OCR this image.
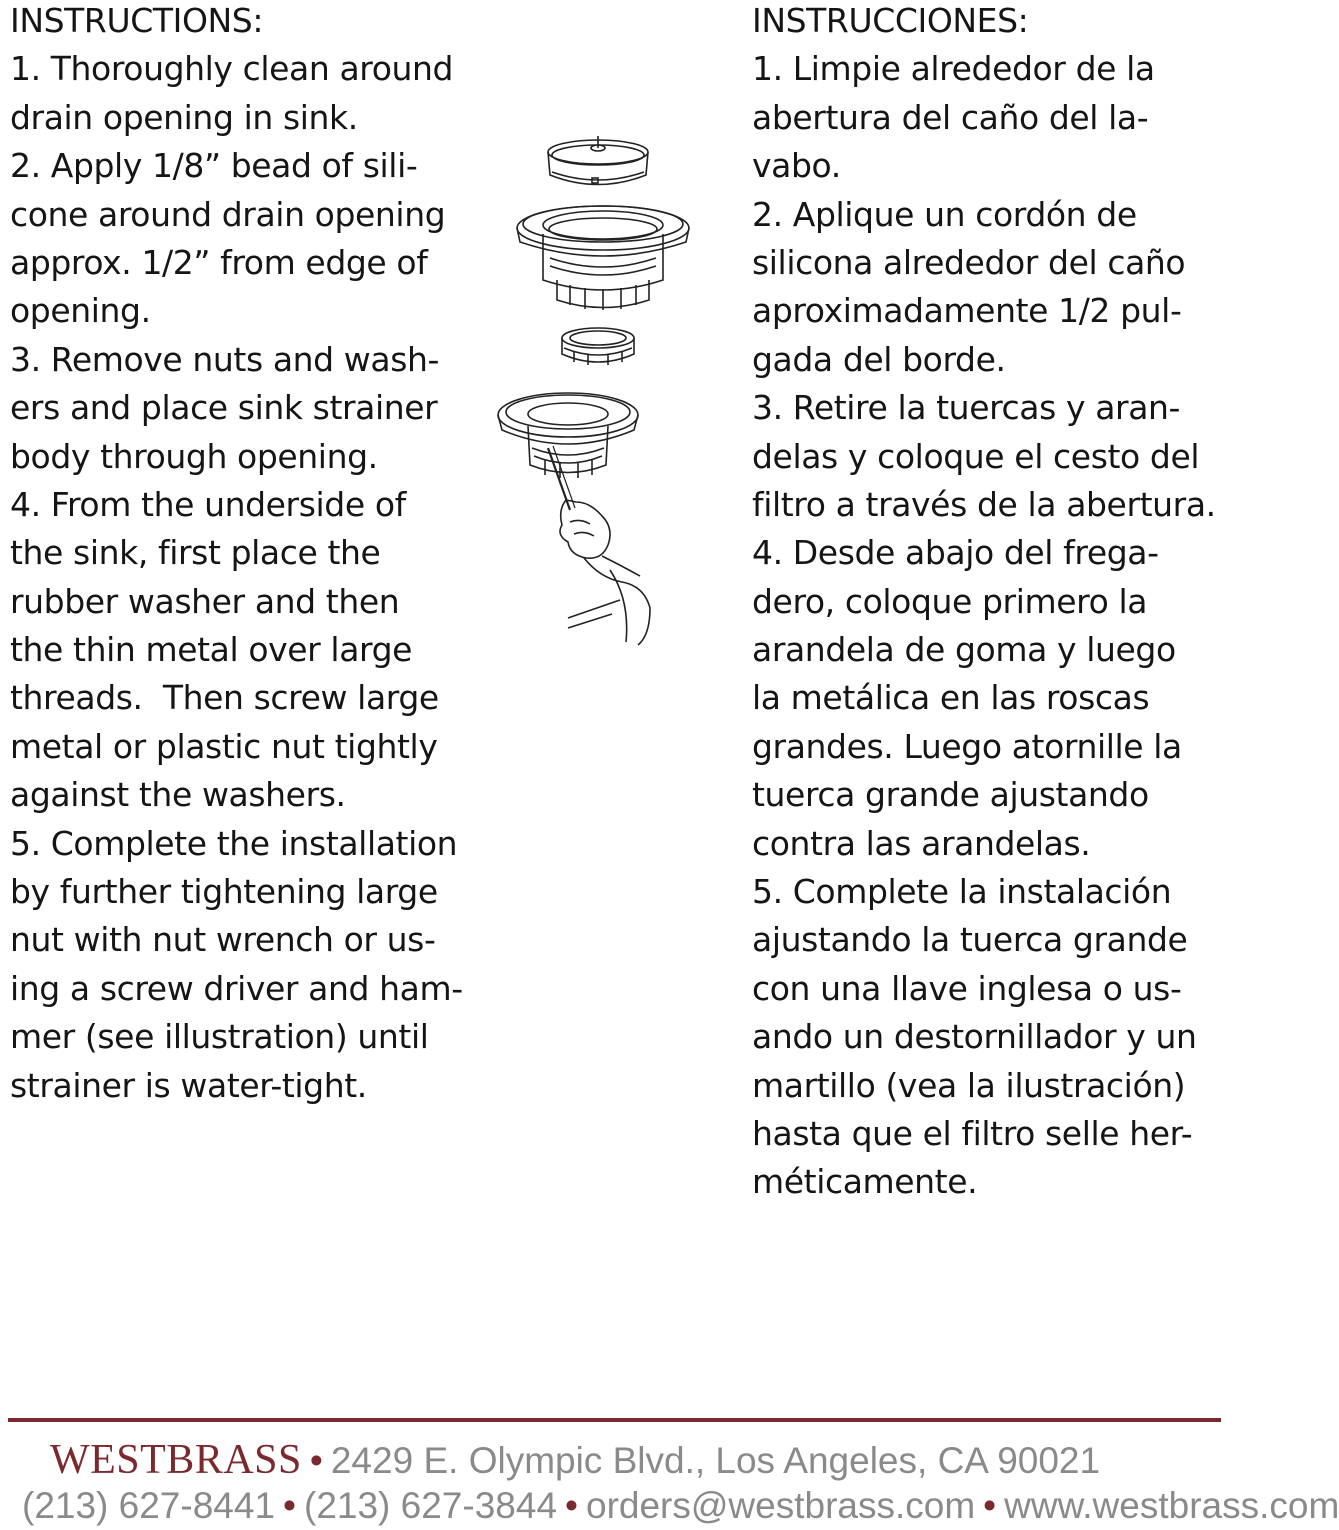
INSTRUCTIONS:
1. Thoroughly clean around
drain opening in sink.
2. Apply 1/8” bead of sili-
cone around drain opening
approx. 1/2” from edge of
opening.
3. Remove nuts and wash-
ers and place sink strainer
body through opening.
4. From the underside of
the sink, first place the
rubber washer and then
the thin metal over large
threads.  Then screw large
metal or plastic nut tightly
against the washers.
5. Complete the installation
by further tightening large
nut with nut wrench or us-
ing a screw driver and ham-
mer (see illustration) until
strainer is water-tight.
INSTRUCCIONES:
1. Limpie alrededor de la
abertura del caño del la-
vabo.
2. Aplique un cordón de
silicona alrededor del caño
aproximadamente 1/2 pul-
gada del borde.
3. Retire la tuercas y aran-
delas y coloque el cesto del
filtro a través de la abertura.
4. Desde abajo del frega-
dero, coloque primero la
arandela de goma y luego
la metálica en las roscas
grandes. Luego atornille la
tuerca grande ajustando
contra las arandelas.
5. Complete la instalación
ajustando la tuerca grande
con una llave inglesa o us-
ando un destornillador y un
martillo (vea la ilustración)
hasta que el filtro selle her-
méticamente.
WESTBRASS • 2429 E. Olympic Blvd., Los Angeles, CA 90021
(213) 627-8441 • (213) 627-3844 • orders@westbrass.com • www.westbrass.com
